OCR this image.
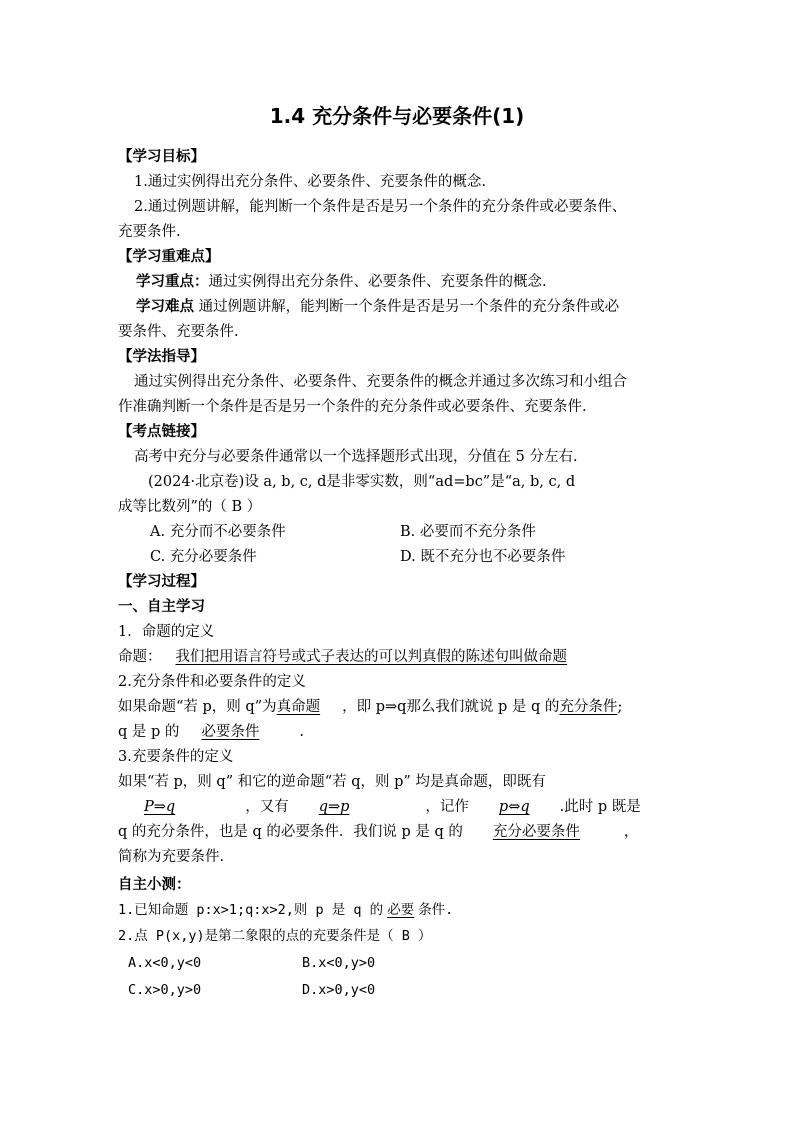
1.4 充分条件与必要条件(1)
【学习目标】
1.通过实例得出充分条件、必要条件、充要条件的概念.
2.通过例题讲解，能判断一个条件是否是另一个条件的充分条件或必要条件、
充要条件.
【学习重难点】
学习重点：通过实例得出充分条件、必要条件、充要条件的概念.
学习难点 通过例题讲解，能判断一个条件是否是另一个条件的充分条件或必
要条件、充要条件.
【学法指导】
通过实例得出充分条件、必要条件、充要条件的概念并通过多次练习和小组合
作准确判断一个条件是否是另一个条件的充分条件或必要条件、充要条件.
【考点链接】
高考中充分与必要条件通常以一个选择题形式出现，分值在 5 分左右.
(2024·北京卷)设 a, b, c, d是非零实数，则“ad=bc”是“a, b, c, d
成等比数列”的（ B ）
A. 充分而不必要条件	B. 必要而不充分条件
C. 充分必要条件	D. 既不充分也不必要条件
【学习过程】
一、自主学习
1．命题的定义
命题： 我们把用语言符号或式子表达的可以判真假的陈述句叫做命题
2.充分条件和必要条件的定义
如果命题“若 p，则 q”为真命题 ，即 p⇒q那么我们就说 p 是 q 的充分条件;
q 是 p 的 必要条件	.
3.充要条件的定义
如果“若 p，则 q” 和它的逆命题“若 q，则 p” 均是真命题，即既有
P⇒q	，又有 q⇒p	，记作 p⇔q .此时 p 既是
q 的充分条件，也是 q 的必要条件．我们说 p 是 q 的 充分必要条件	，
简称为充要条件.
自主小测：
1.已知命题 p:x>1;q:x>2,则 p 是 q 的 必要 条件.
2.点 P(x,y)是第二象限的点的充要条件是（ B ）
A.x<0,y<0	B.x<0,y>0
C.x>0,y>0	D.x>0,y<0
